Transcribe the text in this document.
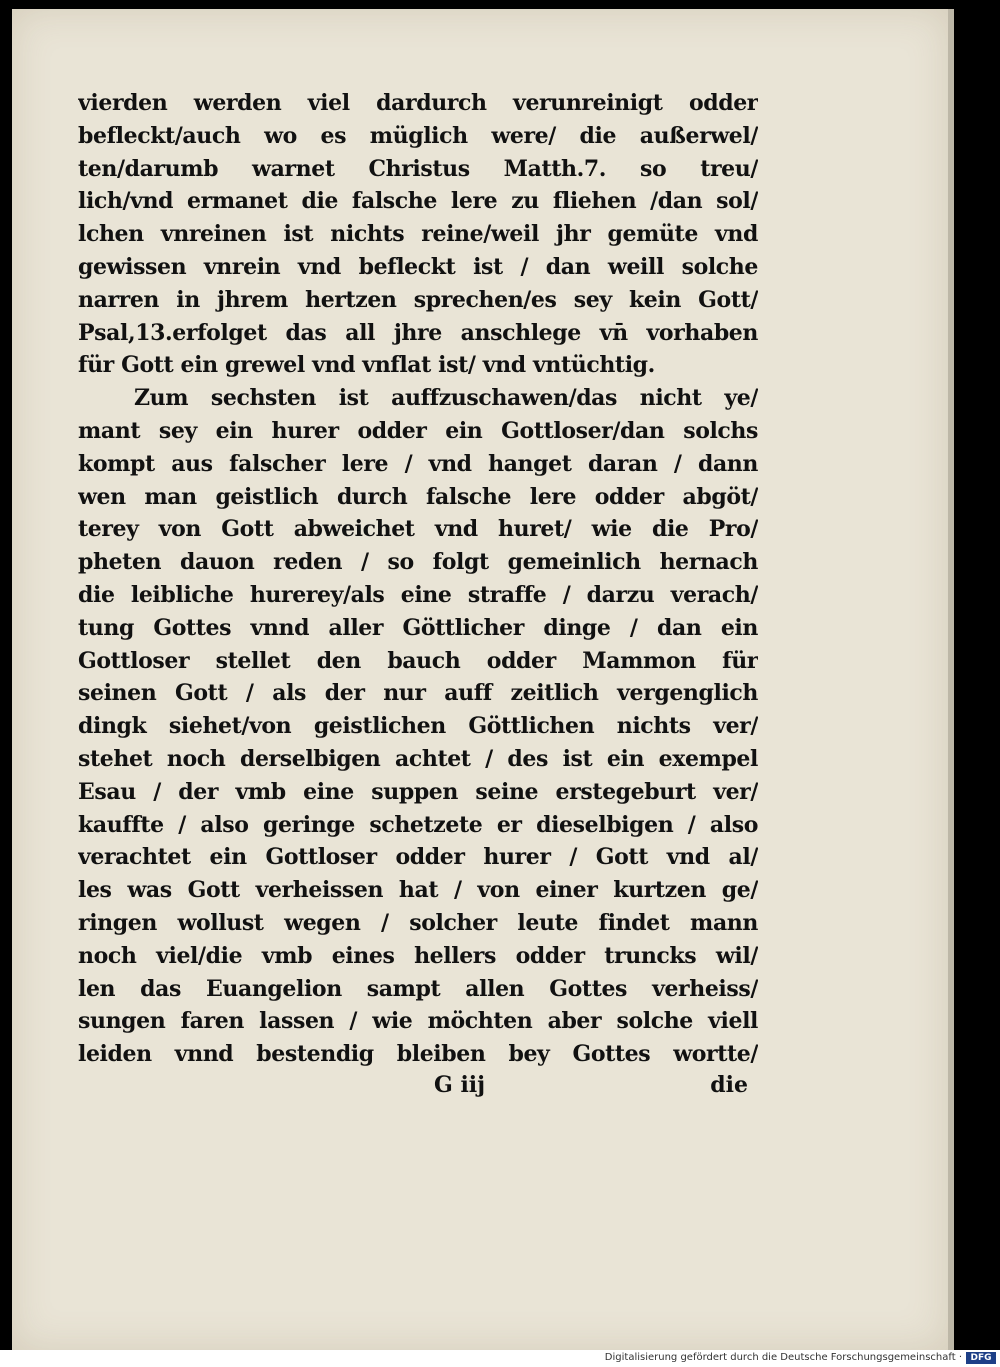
vierden werden viel dardurch verunreinigt odder
befleckt/auch wo es müglich were/ die außerwel/
ten/darumb warnet Christus Matth.7. so treu/
lich/vnd ermanet die falsche lere zu fliehen /dan sol/
lchen vnreinen ist nichts reine/weil jhr gemüte vnd
gewissen vnrein vnd befleckt ist / dan weill solche
narren in jhrem hertzen sprechen/es sey kein Gott/
Psal,13.erfolget das all jhre anschlege vn̄ vorhaben
für Gott ein grewel vnd vnflat ist/ vnd vntüchtig.
Zum sechsten ist auffzuschawen/das nicht ye/
mant sey ein hurer odder ein Gottloser/dan solchs
kompt aus falscher lere / vnd hanget daran / dann
wen man geistlich durch falsche lere odder abgöt/
terey von Gott abweichet vnd huret/ wie die Pro/
pheten dauon reden / so folgt gemeinlich hernach
die leibliche hurerey/als eine straffe / darzu verach/
tung Gottes vnnd aller Göttlicher dinge / dan ein
Gottloser stellet den bauch odder Mammon für
seinen Gott / als der nur auff zeitlich vergenglich
dingk siehet/von geistlichen Göttlichen nichts ver/
stehet noch derselbigen achtet / des ist ein exempel
Esau / der vmb eine suppen seine erstegeburt ver/
kauffte / also geringe schetzete er dieselbigen / also
verachtet ein Gottloser odder hurer / Gott vnd al/
les was Gott verheissen hat / von einer kurtzen ge/
ringen wollust wegen / solcher leute findet mann
noch viel/die vmb eines hellers odder truncks wil/
len das Euangelion sampt allen Gottes verheiss/
sungen faren lassen / wie möchten aber solche viell
leiden vnnd bestendig bleiben bey Gottes wortte/
G iij	die
Digitalisierung gefördert durch die Deutsche Forschungsgemeinschaft · DFG
